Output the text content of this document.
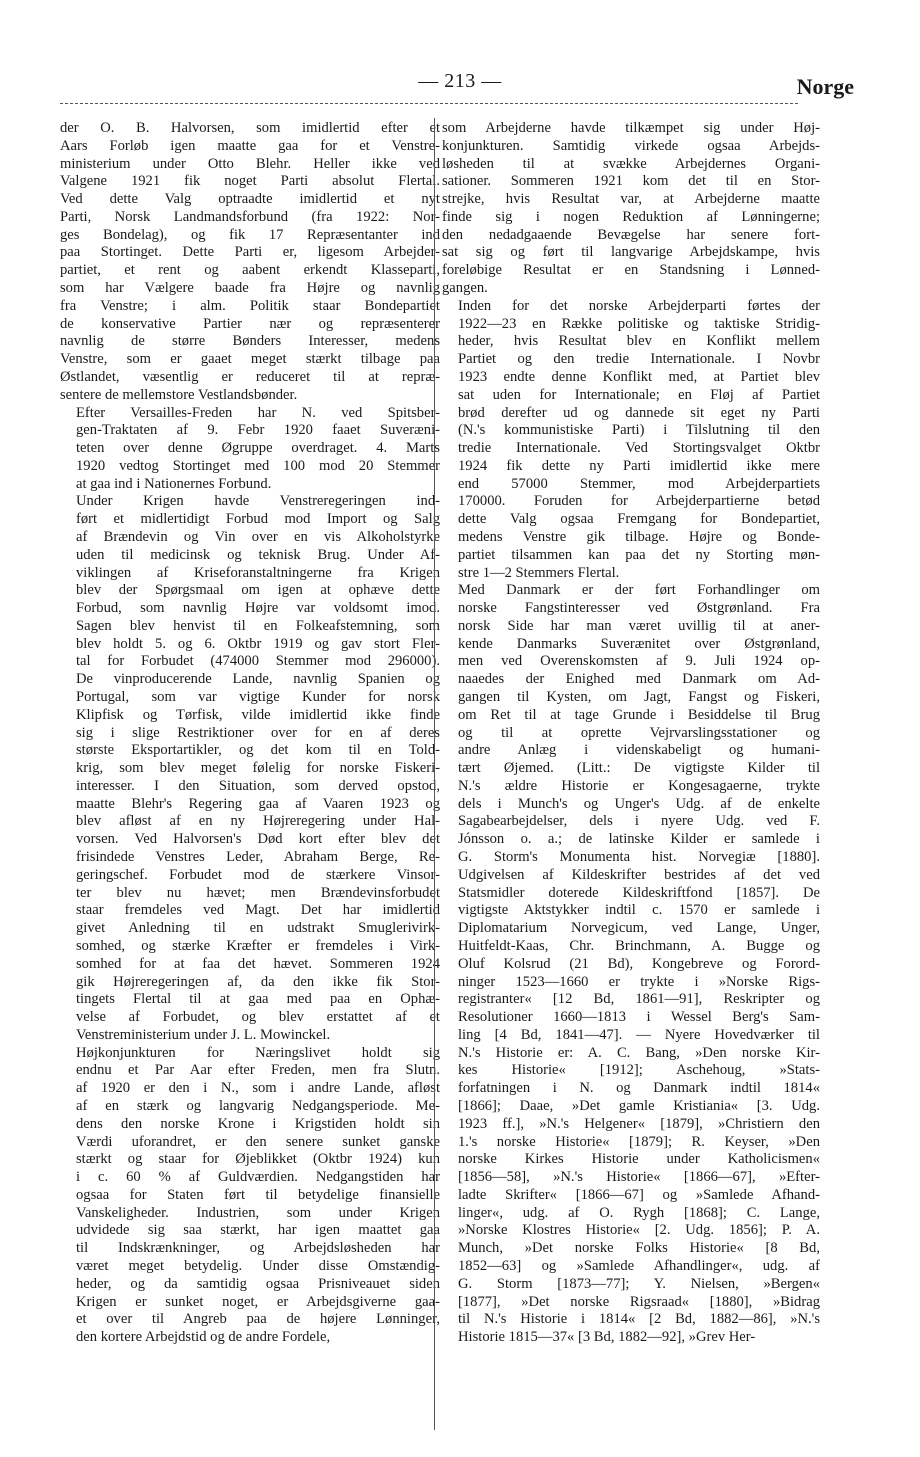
— 213 —	Norge

der O. B. Halvorsen, som imidlertid efter et
Aars Forløb igen maatte gaa for et Venstre-
ministerium under Otto Blehr. Heller ikke ved
Valgene 1921 fik noget Parti absolut Flertal.
Ved dette Valg optraadte imidlertid et nyt
Parti, Norsk Landmandsforbund (fra 1922: Nor-
ges Bondelag), og fik 17 Repræsentanter ind
paa Stortinget. Dette Parti er, ligesom Arbejder-
partiet, et rent og aabent erkendt Klasseparti,
som har Vælgere baade fra Højre og navnlig
fra Venstre; i alm. Politik staar Bondepartiet
de konservative Partier nær og repræsenterer
navnlig de større Bønders Interesser, medens
Venstre, som er gaaet meget stærkt tilbage paa
Østlandet, væsentlig er reduceret til at repræ-
sentere de mellemstore Vestlandsbønder.

Efter Versailles-Freden har N. ved Spitsber-
gen-Traktaten af 9. Febr 1920 faaet Suveræni-
teten over denne Øgruppe overdraget. 4. Marts
1920 vedtog Stortinget med 100 mod 20 Stemmer
at gaa ind i Nationernes Forbund.

Under Krigen havde Venstreregeringen ind-
ført et midlertidigt Forbud mod Import og Salg
af Brændevin og Vin over en vis Alkoholstyrke
uden til medicinsk og teknisk Brug. Under Af-
viklingen af Kriseforanstaltningerne fra Krigen
blev der Spørgsmaal om igen at ophæve dette
Forbud, som navnlig Højre var voldsomt imod.
Sagen blev henvist til en Folkeafstemning, som
blev holdt 5. og 6. Oktbr 1919 og gav stort Fler-
tal for Forbudet (474000 Stemmer mod 296000).
De vinproducerende Lande, navnlig Spanien og
Portugal, som var vigtige Kunder for norsk
Klipfisk og Tørfisk, vilde imidlertid ikke finde
sig i slige Restriktioner over for en af deres
største Eksportartikler, og det kom til en Told-
krig, som blev meget følelig for norske Fiskeri-
interesser. I den Situation, som derved opstod,
maatte Blehr's Regering gaa af Vaaren 1923 og
blev afløst af en ny Højreregering under Hal-
vorsen. Ved Halvorsen's Død kort efter blev det
frisindede Venstres Leder, Abraham Berge, Re-
geringschef. Forbudet mod de stærkere Vinsor-
ter blev nu hævet; men Brændevinsforbudet
staar fremdeles ved Magt. Det har imidlertid
givet Anledning til en udstrakt Smuglerivirk-
somhed, og stærke Kræfter er fremdeles i Virk-
somhed for at faa det hævet. Sommeren 1924
gik Højreregeringen af, da den ikke fik Stor-
tingets Flertal til at gaa med paa en Ophæ-
velse af Forbudet, og blev erstattet af et
Venstreministerium under J. L. Mowinckel.

Højkonjunkturen for Næringslivet holdt sig
endnu et Par Aar efter Freden, men fra Slutn.
af 1920 er den i N., som i andre Lande, afløst
af en stærk og langvarig Nedgangsperiode. Me-
dens den norske Krone i Krigstiden holdt sin
Værdi uforandret, er den senere sunket ganske
stærkt og staar for Øjeblikket (Oktbr 1924) kun
i c. 60 % af Guldværdien. Nedgangstiden har
ogsaa for Staten ført til betydelige finansielle
Vanskeligheder. Industrien, som under Krigen
udvidede sig saa stærkt, har igen maattet gaa
til Indskrænkninger, og Arbejdsløsheden har
været meget betydelig. Under disse Omstændig-
heder, og da samtidig ogsaa Prisniveauet siden
Krigen er sunket noget, er Arbejdsgiverne gaa-
et over til Angreb paa de højere Lønninger,
den kortere Arbejdstid og de andre Fordele,

som Arbejderne havde tilkæmpet sig under Høj-
konjunkturen. Samtidig virkede ogsaa Arbejds-
løsheden til at svække Arbejdernes Organi-
sationer. Sommeren 1921 kom det til en Stor-
strejke, hvis Resultat var, at Arbejderne maatte
finde sig i nogen Reduktion af Lønningerne;
den nedadgaaende Bevægelse har senere fort-
sat sig og ført til langvarige Arbejdskampe, hvis
foreløbige Resultat er en Standsning i Lønned-
gangen.

Inden for det norske Arbejderparti førtes der
1922—23 en Række politiske og taktiske Stridig-
heder, hvis Resultat blev en Konflikt mellem
Partiet og den tredie Internationale. I Novbr
1923 endte denne Konflikt med, at Partiet blev
sat uden for Internationale; en Fløj af Partiet
brød derefter ud og dannede sit eget ny Parti
(N.'s kommunistiske Parti) i Tilslutning til den
tredie Internationale. Ved Stortingsvalget Oktbr
1924 fik dette ny Parti imidlertid ikke mere
end 57000 Stemmer, mod Arbejderpartiets
170000. Foruden for Arbejderpartierne betød
dette Valg ogsaa Fremgang for Bondepartiet,
medens Venstre gik tilbage. Højre og Bonde-
partiet tilsammen kan paa det ny Storting møn-
stre 1—2 Stemmers Flertal.

Med Danmark er der ført Forhandlinger om
norske Fangstinteresser ved Østgrønland. Fra
norsk Side har man været uvillig til at aner-
kende Danmarks Suverænitet over Østgrønland,
men ved Overenskomsten af 9. Juli 1924 op-
naaedes der Enighed med Danmark om Ad-
gangen til Kysten, om Jagt, Fangst og Fiskeri,
om Ret til at tage Grunde i Besiddelse til Brug
og til at oprette Vejrvarslingsstationer og
andre Anlæg i videnskabeligt og humani-
tært Øjemed. (Litt.: De vigtigste Kilder til
N.'s ældre Historie er Kongesagaerne, trykte
dels i Munch's og Unger's Udg. af de enkelte
Sagabearbejdelser, dels i nyere Udg. ved F.
Jónsson o. a.; de latinske Kilder er samlede i
G. Storm's Monumenta hist. Norvegiæ [1880].
Udgivelsen af Kildeskrifter bestrides af det ved
Statsmidler doterede Kildeskriftfond [1857]. De
vigtigste Aktstykker indtil c. 1570 er samlede i
Diplomatarium Norvegicum, ved Lange, Unger,
Huitfeldt-Kaas, Chr. Brinchmann, A. Bugge og
Oluf Kolsrud (21 Bd), Kongebreve og Forord-
ninger 1523—1660 er trykte i »Norske Rigs-
registranter« [12 Bd, 1861—91], Reskripter og
Resolutioner 1660—1813 i Wessel Berg's Sam-
ling [4 Bd, 1841—47]. — Nyere Hovedværker til
N.'s Historie er: A. C. Bang, »Den norske Kir-
kes Historie« [1912]; Aschehoug, »Stats-
forfatningen i N. og Danmark indtil 1814«
[1866]; Daae, »Det gamle Kristiania« [3. Udg.
1923 ff.], »N.'s Helgener« [1879], »Christiern den
1.'s norske Historie« [1879]; R. Keyser, »Den
norske Kirkes Historie under Katholicismen«
[1856—58], »N.'s Historie« [1866—67], »Efter-
ladte Skrifter« [1866—67] og »Samlede Afhand-
linger«, udg. af O. Rygh [1868]; C. Lange,
»Norske Klostres Historie« [2. Udg. 1856]; P. A.
Munch, »Det norske Folks Historie« [8 Bd,
1852—63] og »Samlede Afhandlinger«, udg. af
G. Storm [1873—77]; Y. Nielsen, »Bergen«
[1877], »Det norske Rigsraad« [1880], »Bidrag
til N.'s Historie i 1814« [2 Bd, 1882—86], »N.'s
Historie 1815—37« [3 Bd, 1882—92], »Grev Her-
